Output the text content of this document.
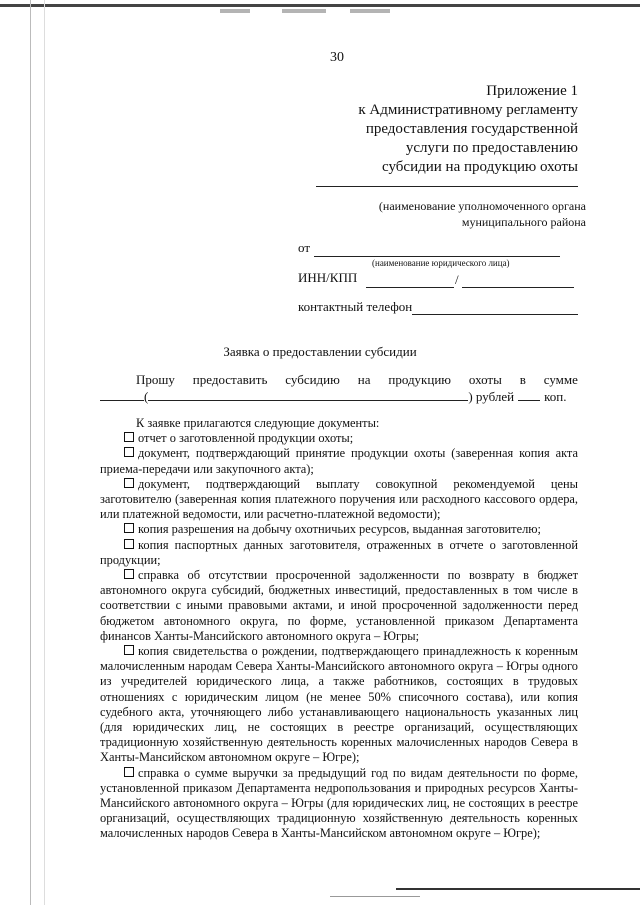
30
Приложение 1
к Административному регламенту
предоставления государственной
услуги по предоставлению
субсидии на продукцию охоты
(наименование уполномоченного органа
муниципального района
от
(наименование юридического лица)
ИНН/КПП	/
контактный телефон
Заявка о предоставлении субсидии
Прошу предоставить субсидию на продукцию охоты в сумме
(	) рублей коп.

К заявке прилагаются следующие документы:

отчет о заготовленной продукции охоты;

документ, подтверждающий принятие продукции охоты (заверенная копия акта приема-передачи или закупочного акта);

документ, подтверждающий выплату совокупной рекомендуемой цены заготовителю (заверенная копия платежного поручения или расходного кассового ордера, или платежной ведомости, или расчетно-платежной ведомости);

копия разрешения на добычу охотничьих ресурсов, выданная заготовителю;

копия паспортных данных заготовителя, отраженных в отчете о заготовленной продукции;

справка об отсутствии просроченной задолженности по возврату в бюджет автономного округа субсидий, бюджетных инвестиций, предоставленных в том числе в соответствии с иными правовыми актами, и иной просроченной задолженности перед бюджетом автономного округа, по форме, установленной приказом Департамента финансов Ханты-Мансийского автономного округа – Югры;

копия свидетельства о рождении, подтверждающего принадлежность к коренным малочисленным народам Севера Ханты-Мансийского автономного округа – Югры одного из учредителей юридического лица, а также работников, состоящих в трудовых отношениях с юридическим лицом (не менее 50% списочного состава), или копия судебного акта, уточняющего либо устанавливающего национальность указанных лиц (для юридических лиц, не состоящих в реестре организаций, осуществляющих традиционную хозяйственную деятельность коренных малочисленных народов Севера в Ханты-Мансийском автономном округе – Югре);

справка о сумме выручки за предыдущий год по видам деятельности по форме, установленной приказом Департамента недропользования и природных ресурсов Ханты-Мансийского автономного округа – Югры (для юридических лиц, не состоящих в реестре организаций, осуществляющих традиционную хозяйственную деятельность коренных малочисленных народов Севера в Ханты-Мансийском автономном округе – Югре);
